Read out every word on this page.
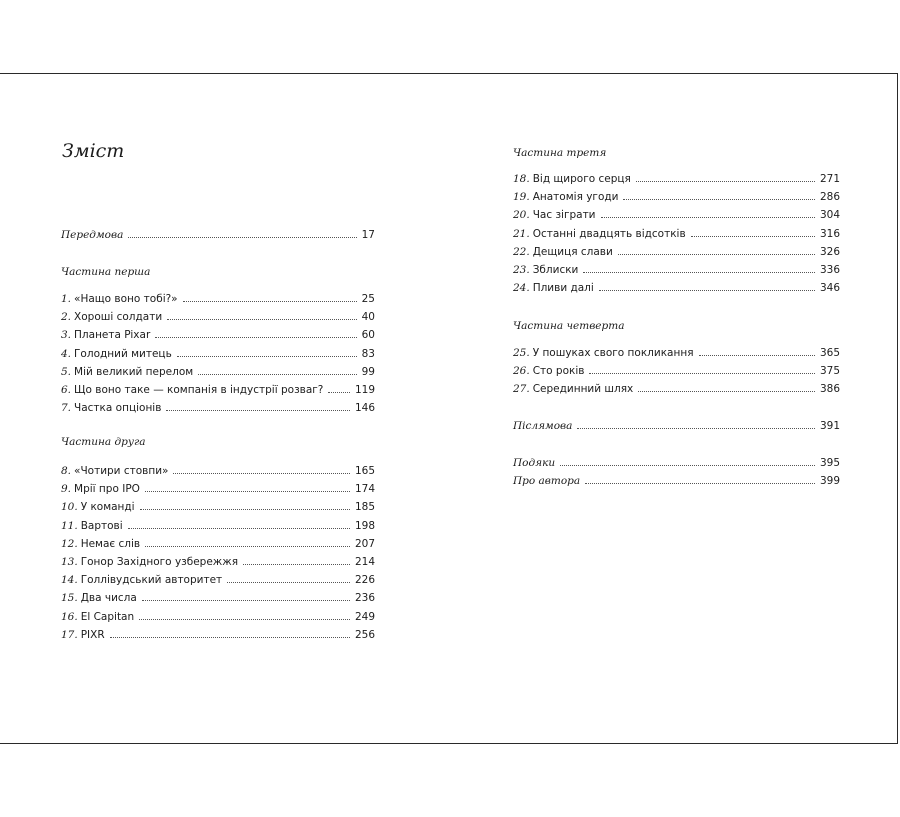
Зміст
Передмова	17

Частина перша

1. «Нащо воно тобі?»	25
2. Хороші солдати	40
3. Планета Pixar	60
4. Голодний митець	83
5. Мій великий перелом	99
6. Що воно таке — компанія в індустрії розваг?	119
7. Частка опціонів	146

Частина друга

8. «Чотири стовпи»	165
9. Мрії про IPO	174
10. У команді	185
11. Вартові	198
12. Немає слів	207
13. Гонор Західного узбережжя	214
14. Голлівудський авторитет	226
15. Два числа	236
16. El Capitan	249
17. PIXR	256

Частина третя

18. Від щирого серця	271
19. Анатомія угоди	286
20. Час зіграти	304
21. Останні двадцять відсотків	316
22. Дещиця слави	326
23. Зблиски	336
24. Пливи далі	346

Частина четверта

25. У пошуках свого покликання	365
26. Сто років	375
27. Серединний шлях	386
Післямова	391
Подяки	395
Про автора	399
